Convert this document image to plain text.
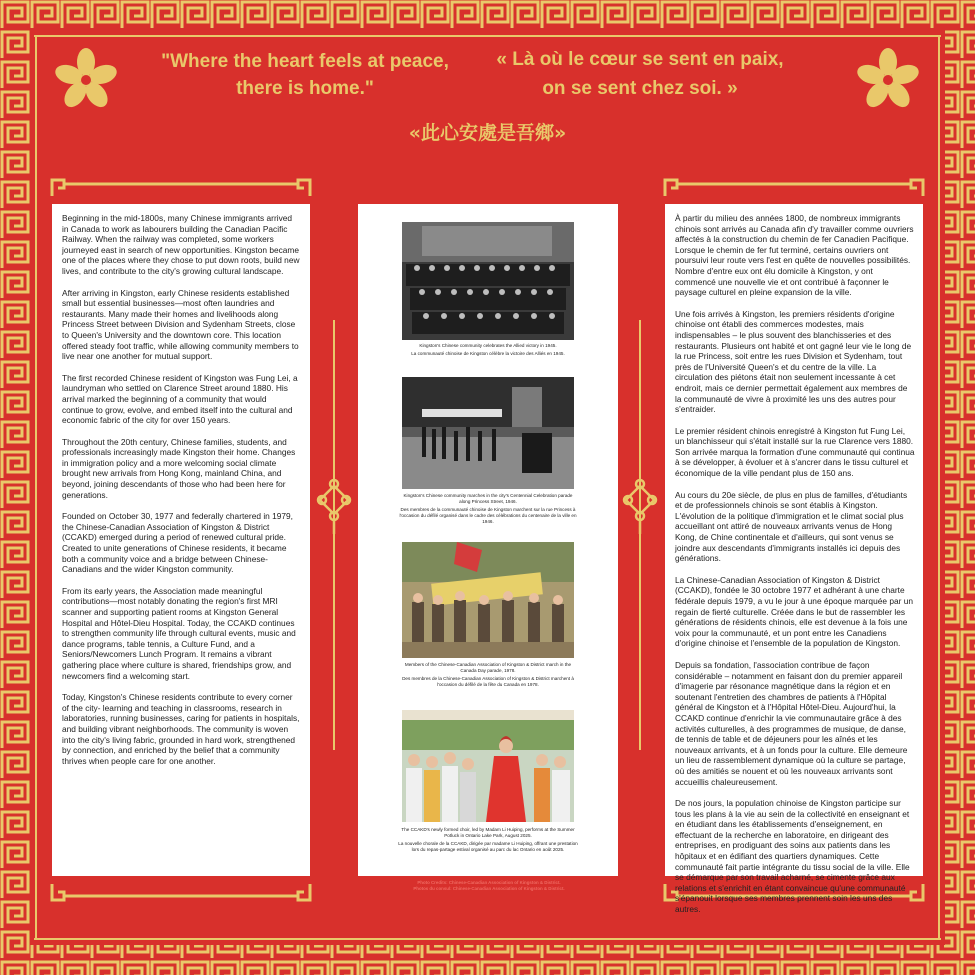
"Where the heart feels at peace, there is home."
« Là où le cœur se sent en paix, on se sent chez soi. »
«此心安處是吾鄉»

Beginning in the mid-1800s, many Chinese immigrants arrived in Canada to work as labourers building the Canadian Pacific Railway. When the railway was completed, some workers journeyed east in search of new opportunities. Kingston became one of the places where they chose to put down roots, build new lives, and contribute to the city's growing cultural landscape.

After arriving in Kingston, early Chinese residents established small but essential businesses—most often laundries and restaurants. Many made their homes and livelihoods along Princess Street between Division and Sydenham Streets, close to Queen's University and the downtown core. This location offered steady foot traffic, while allowing community members to live near one another for mutual support.

The first recorded Chinese resident of Kingston was Fung Lei, a laundryman who settled on Clarence Street around 1880. His arrival marked the beginning of a community that would continue to grow, evolve, and embed itself into the cultural and economic fabric of the city for over 150 years.

Throughout the 20th century, Chinese families, students, and professionals increasingly made Kingston their home. Changes in immigration policy and a more welcoming social climate brought new arrivals from Hong Kong, mainland China, and beyond, joining descendants of those who had been here for generations.

Founded on October 30, 1977 and federally chartered in 1979, the Chinese-Canadian Association of Kingston & District (CCAKD) emerged during a period of renewed cultural pride. Created to unite generations of Chinese residents, it became both a community voice and a bridge between Chinese-Canadians and the wider Kingston community.

From its early years, the Association made meaningful contributions—most notably donating the region's first MRI scanner and supporting patient rooms at Kingston General Hospital and Hôtel-Dieu Hospital. Today, the CCAKD continues to strengthen community life through cultural events, music and dance programs, table tennis, a Culture Fund, and a Seniors/Newcomers Lunch Program. It remains a vibrant gathering place where culture is shared, friendships grow, and newcomers find a welcoming start.

Today, Kingston's Chinese residents contribute to every corner of the city- learning and teaching in classrooms, research in laboratories, running businesses, caring for patients in hospitals, and building vibrant neighborhoods. The community is woven into the city's living fabric, grounded in hard work, strengthened by connection, and enriched by the belief that a community thrives when people care for one another.

Kingston's Chinese community celebrates the Allied victory in 1945.
La communauté chinoise de Kingston célèbre la victoire des Alliés en 1945.
Kingston's Chinese community marches in the city's Centennial Celebration parade along Princess Street, 1946.
Des membres de la communauté chinoise de Kingston marchent sur la rue Princess à l'occasion du défilé organisé dans le cadre des célébrations du centenaire de la ville en 1946.
Members of the Chinese-Canadian Association of Kingston & District march in the Canada Day parade, 1978.
Des membres de la Chinese-Canadian Association of Kingston & District marchent à l'occasion du défilé de la fête du Canada en 1978.
The CCAKD's newly formed choir, led by Madam Li Huiping, performs at the Summer Potluck in Ontario Lake Park, August 2025.
La nouvelle chorale de la CCAKD, dirigée par madame Li Huiping, offrant une prestation lors du repas-partage estival organisé au parc du lac Ontario en août 2025.
Photo Credits: Chinese-Canadian Association of Kingston & District.
Photos du consul: Chinese-Canadian Association of Kingston & District.

À partir du milieu des années 1800, de nombreux immigrants chinois sont arrivés au Canada afin d'y travailler comme ouvriers affectés à la construction du chemin de fer Canadien Pacifique. Lorsque le chemin de fer fut terminé, certains ouvriers ont poursuivi leur route vers l'est en quête de nouvelles possibilités. Nombre d'entre eux ont élu domicile à Kingston, y ont commencé une nouvelle vie et ont contribué à façonner le paysage culturel en pleine expansion de la ville.

Une fois arrivés à Kingston, les premiers résidents d'origine chinoise ont établi des commerces modestes, mais indispensables – le plus souvent des blanchisseries et des restaurants. Plusieurs ont habité et ont gagné leur vie le long de la rue Princess, soit entre les rues Division et Sydenham, tout près de l'Université Queen's et du centre de la ville. La circulation des piétons était non seulement incessante à cet endroit, mais ce dernier permettait également aux membres de la communauté de vivre à proximité les uns des autres pour s'entraider.

Le premier résident chinois enregistré à Kingston fut Fung Lei, un blanchisseur qui s'était installé sur la rue Clarence vers 1880. Son arrivée marqua la formation d'une communauté qui continua à se développer, à évoluer et à s'ancrer dans le tissu culturel et économique de la ville pendant plus de 150 ans.

Au cours du 20e siècle, de plus en plus de familles, d'étudiants et de professionnels chinois se sont établis à Kingston. L'évolution de la politique d'immigration et le climat social plus accueillant ont attiré de nouveaux arrivants venus de Hong Kong, de Chine continentale et d'ailleurs, qui sont venus se joindre aux descendants d'immigrants installés ici depuis des générations.

La Chinese-Canadian Association of Kingston & District (CCAKD), fondée le 30 octobre 1977 et adhérant à une charte fédérale depuis 1979, a vu le jour à une époque marquée par un regain de fierté culturelle. Créée dans le but de rassembler les générations de résidents chinois, elle est devenue à la fois une voix pour la communauté, et un pont entre les Canadiens d'origine chinoise et l'ensemble de la population de Kingston.

Depuis sa fondation, l'association contribue de façon considérable – notamment en faisant don du premier appareil d'imagerie par résonance magnétique dans la région et en soutenant l'entretien des chambres de patients à l'Hôpital général de Kingston et à l'Hôpital Hôtel-Dieu. Aujourd'hui, la CCAKD continue d'enrichir la vie communautaire grâce à des activités culturelles, à des programmes de musique, de danse, de tennis de table et de déjeuners pour les aînés et les nouveaux arrivants, et à un fonds pour la culture. Elle demeure un lieu de rassemblement dynamique où la culture se partage, où des amitiés se nouent et où les nouveaux arrivants sont accueillis chaleureusement.

De nos jours, la population chinoise de Kingston participe sur tous les plans à la vie au sein de la collectivité en enseignant et en étudiant dans les établissements d'enseignement, en effectuant de la recherche en laboratoire, en dirigeant des entreprises, en prodiguant des soins aux patients dans les hôpitaux et en édifiant des quartiers dynamiques. Cette communauté fait partie intégrante du tissu social de la ville. Elle se démarque par son travail acharné, se cimente grâce aux relations et s'enrichit en étant convaincue qu'une communauté s'épanouit lorsque ses membres prennent soin les uns des autres.
